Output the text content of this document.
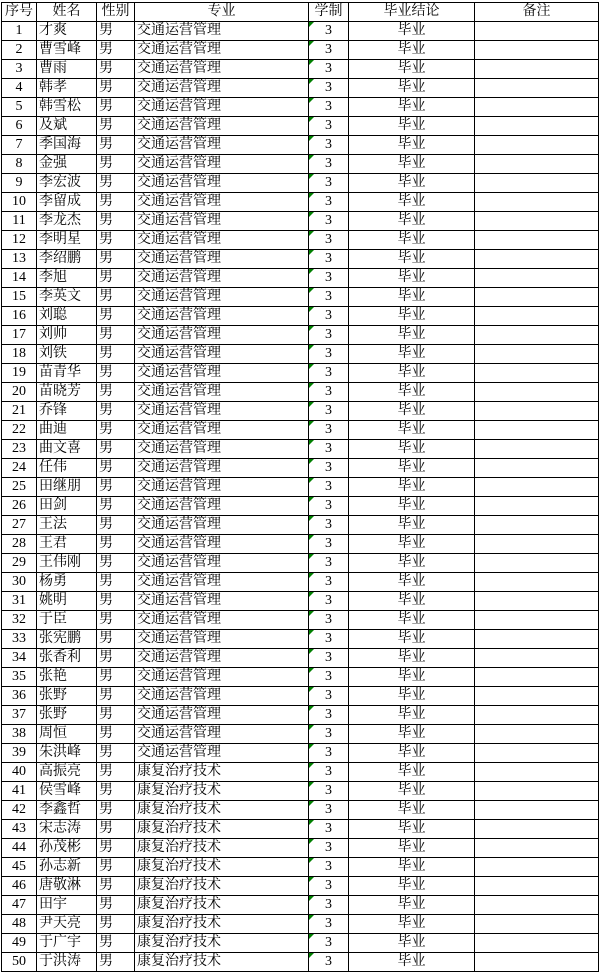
序号	姓名	性别	专业	学制	毕业结论	备注
1	才爽	男	交通运营管理	3	毕业	
2	曹雪峰	男	交通运营管理	3	毕业	
3	曹雨	男	交通运营管理	3	毕业	
4	韩孝	男	交通运营管理	3	毕业	
5	韩雪松	男	交通运营管理	3	毕业	
6	及斌	男	交通运营管理	3	毕业	
7	季国海	男	交通运营管理	3	毕业	
8	金强	男	交通运营管理	3	毕业	
9	李宏波	男	交通运营管理	3	毕业	
10	李留成	男	交通运营管理	3	毕业	
11	李龙杰	男	交通运营管理	3	毕业	
12	李明星	男	交通运营管理	3	毕业	
13	李绍鹏	男	交通运营管理	3	毕业	
14	李旭	男	交通运营管理	3	毕业	
15	李英文	男	交通运营管理	3	毕业	
16	刘聪	男	交通运营管理	3	毕业	
17	刘帅	男	交通运营管理	3	毕业	
18	刘铁	男	交通运营管理	3	毕业	
19	苗青华	男	交通运营管理	3	毕业	
20	苗晓芳	男	交通运营管理	3	毕业	
21	乔锋	男	交通运营管理	3	毕业	
22	曲迪	男	交通运营管理	3	毕业	
23	曲文喜	男	交通运营管理	3	毕业	
24	任伟	男	交通运营管理	3	毕业	
25	田继朋	男	交通运营管理	3	毕业	
26	田剑	男	交通运营管理	3	毕业	
27	王法	男	交通运营管理	3	毕业	
28	王君	男	交通运营管理	3	毕业	
29	王伟刚	男	交通运营管理	3	毕业	
30	杨勇	男	交通运营管理	3	毕业	
31	姚明	男	交通运营管理	3	毕业	
32	于臣	男	交通运营管理	3	毕业	
33	张宪鹏	男	交通运营管理	3	毕业	
34	张香利	男	交通运营管理	3	毕业	
35	张艳	男	交通运营管理	3	毕业	
36	张野	男	交通运营管理	3	毕业	
37	张野	男	交通运营管理	3	毕业	
38	周恒	男	交通运营管理	3	毕业	
39	朱洪峰	男	交通运营管理	3	毕业	
40	高振亮	男	康复治疗技术	3	毕业	
41	侯雪峰	男	康复治疗技术	3	毕业	
42	李鑫哲	男	康复治疗技术	3	毕业	
43	宋志涛	男	康复治疗技术	3	毕业	
44	孙茂彬	男	康复治疗技术	3	毕业	
45	孙志新	男	康复治疗技术	3	毕业	
46	唐敬淋	男	康复治疗技术	3	毕业	
47	田宇	男	康复治疗技术	3	毕业	
48	尹天亮	男	康复治疗技术	3	毕业	
49	于广宇	男	康复治疗技术	3	毕业	
50	于洪涛	男	康复治疗技术	3	毕业	
